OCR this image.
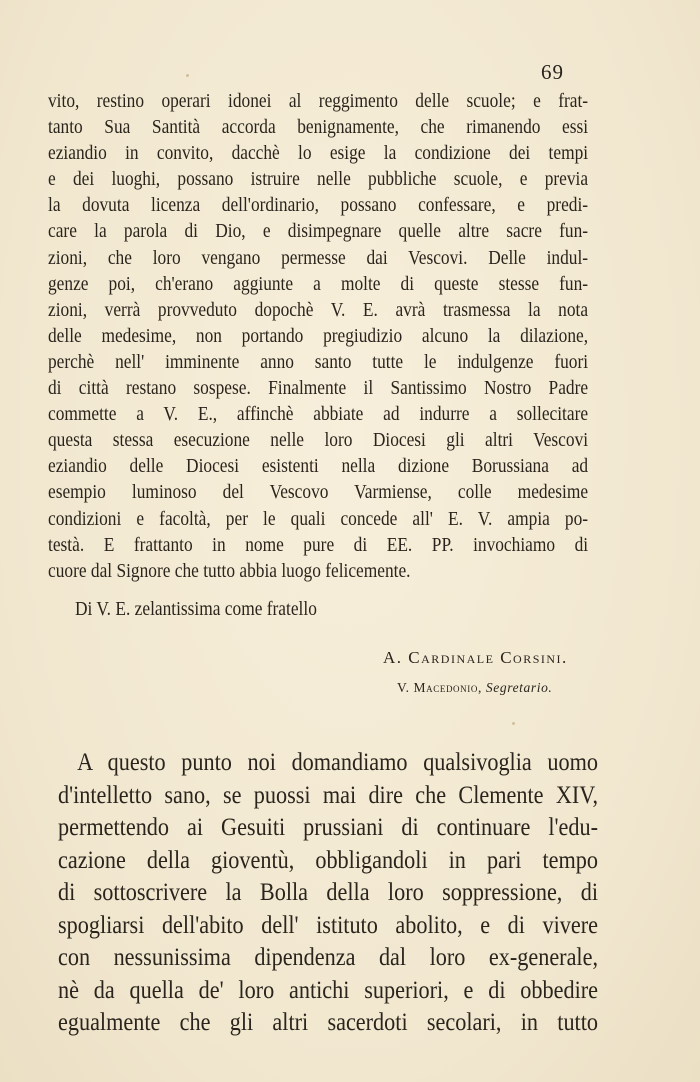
69
vito, restino operari idonei al reggimento delle scuole; e frat-
tanto Sua Santità accorda benignamente, che rimanendo essi
eziandio in convito, dacchè lo esige la condizione dei tempi
e dei luoghi, possano istruire nelle pubbliche scuole, e previa
la dovuta licenza dell'ordinario, possano confessare, e predi-
care la parola di Dio, e disimpegnare quelle altre sacre fun-
zioni, che loro vengano permesse dai Vescovi. Delle indul-
genze poi, ch'erano aggiunte a molte di queste stesse fun-
zioni, verrà provveduto dopochè V. E. avrà trasmessa la nota
delle medesime, non portando pregiudizio alcuno la dilazione,
perchè nell' imminente anno santo tutte le indulgenze fuori
di città restano sospese. Finalmente il Santissimo Nostro Padre
commette a V. E., affinchè abbiate ad indurre a sollecitare
questa stessa esecuzione nelle loro Diocesi gli altri Vescovi
eziandio delle Diocesi esistenti nella dizione Borussiana ad
esempio luminoso del Vescovo Varmiense, colle medesime
condizioni e facoltà, per le quali concede all' E. V. ampia po-
testà. E frattanto in nome pure di EE. PP. invochiamo di
cuore dal Signore che tutto abbia luogo felicemente.
Di V. E. zelantissima come fratello
A. Cardinale Corsini.
V. Macedonio, Segretario.
A questo punto noi domandiamo qualsivoglia uomo
d'intelletto sano, se puossi mai dire che Clemente XIV,
permettendo ai Gesuiti prussiani di continuare l'edu-
cazione della gioventù, obbligandoli in pari tempo
di sottoscrivere la Bolla della loro soppressione, di
spogliarsi dell'abito dell' istituto abolito, e di vivere
con nessunissima dipendenza dal loro ex-generale,
nè da quella de' loro antichi superiori, e di obbedire
egualmente che gli altri sacerdoti secolari, in tutto
